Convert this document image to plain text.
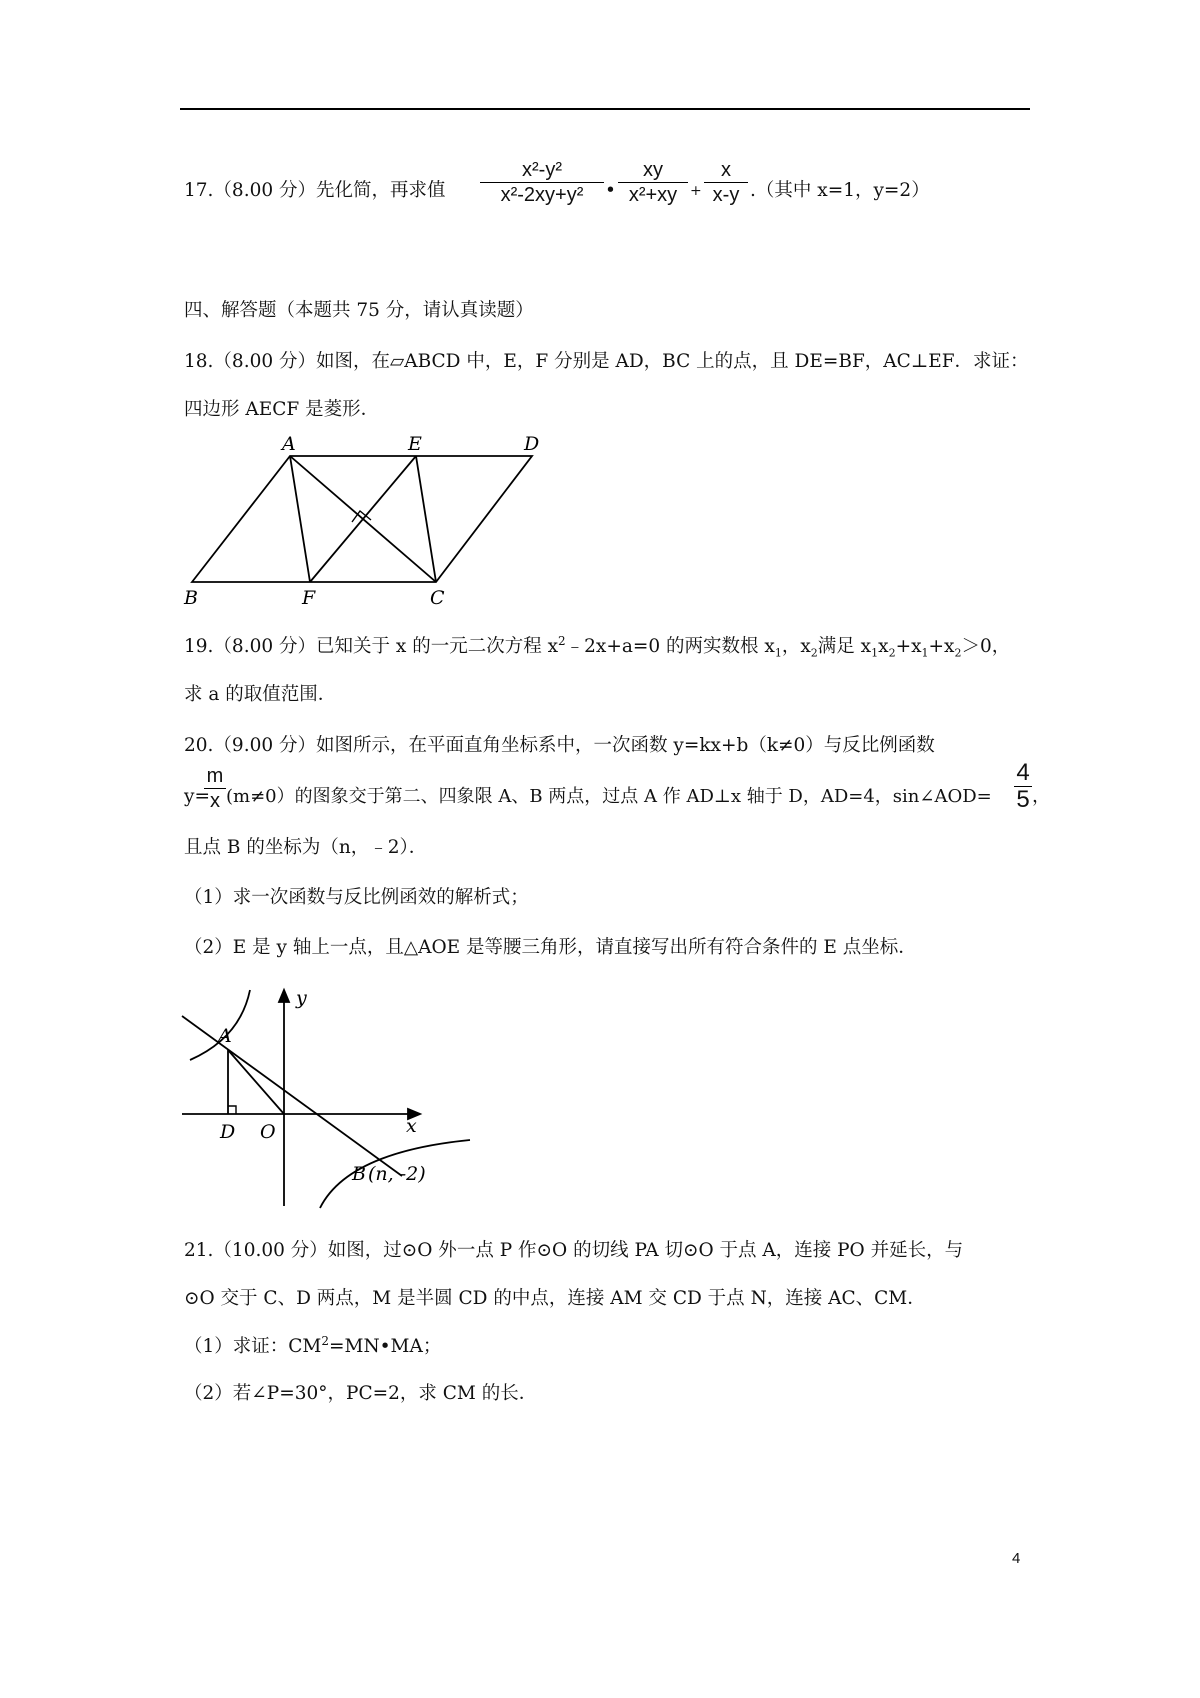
17.（8.00 分）先化简，再求值
x²-y²
x²-2xy+y²	•
xy
x²+xy +
x
x-y .（其中 x=1，y=2）
四、解答题（本题共 75 分，请认真读题）
18.（8.00 分）如图，在▱ABCD 中，E，F 分别是 AD，BC 上的点，且 DE=BF，AC⊥EF．求证：
四边形 AECF 是菱形．
A	E	D
B	F	C
19.（8.00 分）已知关于 x 的一元二次方程 $x^2﹣2x+a=0$ 的两实数根 $x_1$，$x_2$满足 $x_1x_2+x_1+x_2>0$，
求 a 的取值范围．
20.（9.00 分）如图所示，在平面直角坐标系中，一次函数 y=kx+b（k≠0）与反比例函数
y=
m
x (m≠0）的图象交于第二、四象限 A、B 两点，过点 A 作 AD⊥x 轴于 D，AD=4，sin∠AOD=
4
5 ，
且点 B 的坐标为（n，﹣2）．
（1）求一次函数与反比例函效的解析式；
（2）E 是 y 轴上一点，且△AOE 是等腰三角形，请直接写出所有符合条件的 E 点坐标．
A
D O	x
y
B (n, -2)
21.（10.00 分）如图，过⊙O 外一点 P 作⊙O 的切线 PA 切⊙O 于点 A，连接 PO 并延长，与
⊙O 交于 C、D 两点，M 是半圆 CD 的中点，连接 AM 交 CD 于点 N，连接 AC、CM．
（1）求证：$CM^2=MN•MA$；
（2）若∠P=30°，PC=2，求 CM 的长．
4
